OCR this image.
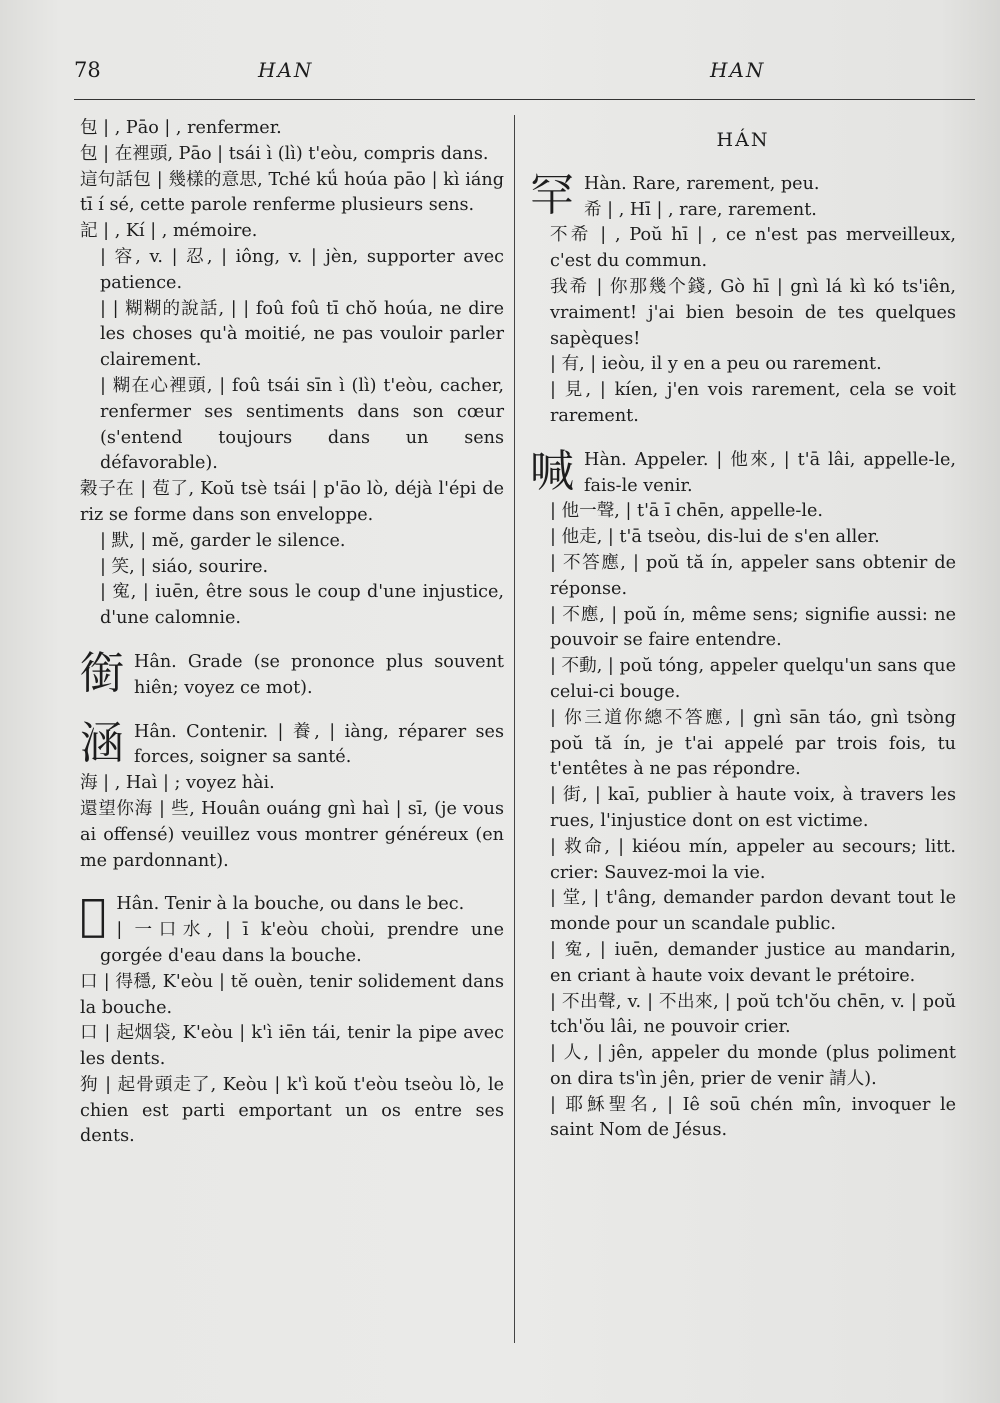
78	HAN	HAN

包 | , Pāo | , renfermer.

包 | 在裡頭, Pāo | tsái ì (lì) t'eòu, compris dans.

這句話包 | 幾樣的意思, Tché kǘ hoúa pāo | kì iáng tī í sé, cette parole renferme plusieurs sens.

記 | , Kí | , mémoire.

| 容, v. | 忍, | iông, v. | jèn, supporter avec patience.

| | 糊糊的說話, | | foû foû tī chŏ hoúa, ne dire les choses qu'à moitié, ne pas vouloir parler clairement.

| 糊在心裡頭, | foû tsái sīn ì (lì) t'eòu, cacher, renfermer ses sentiments dans son cœur (s'entend toujours dans un sens défavorable).

穀子在 | 苞了, Koŭ tsè tsái | p'āo lò, déjà l'épi de riz se forme dans son enveloppe.

| 默, | mĕ, garder le silence.

| 笑, | siáo, sourire.

| 寃, | iuēn, être sous le coup d'une injustice, d'une calomnie.

銜 Hân. Grade (se prononce plus souvent hiên; voyez ce mot).

涵 Hân. Contenir. | 養, | iàng, réparer ses forces, soigner sa santé.

海 | , Haì | ; voyez hài.

還望你海 | 些, Houân ouáng gnì haì | sī, (je vous ai offensé) veuillez vous montrer généreux (en me pardonnant).

𠼤 Hân. Tenir à la bouche, ou dans le bec.

| 一口水, | ī k'eòu choùi, prendre une gorgée d'eau dans la bouche.

口 | 得穩, K'eòu | tĕ ouèn, tenir solidement dans la bouche.

口 | 起烟袋, K'eòu | k'ì iēn tái, tenir la pipe avec les dents.

狗 | 起骨頭走了, Keòu | k'ì koŭ t'eòu tseòu lò, le chien est parti emportant un os entre ses dents.

HÁN

罕 Hàn. Rare, rarement, peu.

希 | , Hī | , rare, rarement.

不希 | , Poŭ hī | , ce n'est pas merveilleux, c'est du commun.

我希 | 你那幾个錢, Gò hī | gnì lá kì kó ts'iên, vraiment! j'ai bien besoin de tes quelques sapèques!

| 有, | ieòu, il y en a peu ou rarement.

| 見, | kíen, j'en vois rarement, cela se voit rarement.

喊 Hàn. Appeler. | 他來, | t'ā lâi, appelle-le, fais-le venir.

| 他一聲, | t'ā ī chēn, appelle-le.

| 他走, | t'ā tseòu, dis-lui de s'en aller.

| 不答應, | poŭ tă ín, appeler sans obtenir de réponse.

| 不應, | poŭ ín, même sens; signifie aussi: ne pouvoir se faire entendre.

| 不動, | poŭ tóng, appeler quelqu'un sans que celui-ci bouge.

| 你三道你總不答應, | gnì sān táo, gnì tsòng poŭ tă ín, je t'ai appelé par trois fois, tu t'entêtes à ne pas répondre.

| 街, | kaī, publier à haute voix, à travers les rues, l'injustice dont on est victime.

| 救命, | kiéou mín, appeler au secours; litt. crier: Sauvez-moi la vie.

| 堂, | t'âng, demander pardon devant tout le monde pour un scandale public.

| 寃, | iuēn, demander justice au mandarin, en criant à haute voix devant le prétoire.

| 不出聲, v. | 不出來, | poŭ tch'ŏu chēn, v. | poŭ tch'ŏu lâi, ne pouvoir crier.

| 人, | jên, appeler du monde (plus poliment on dira ts'ìn jên, prier de venir 請人).

| 耶穌聖名, | Iê soū chén mîn, invoquer le saint Nom de Jésus.
